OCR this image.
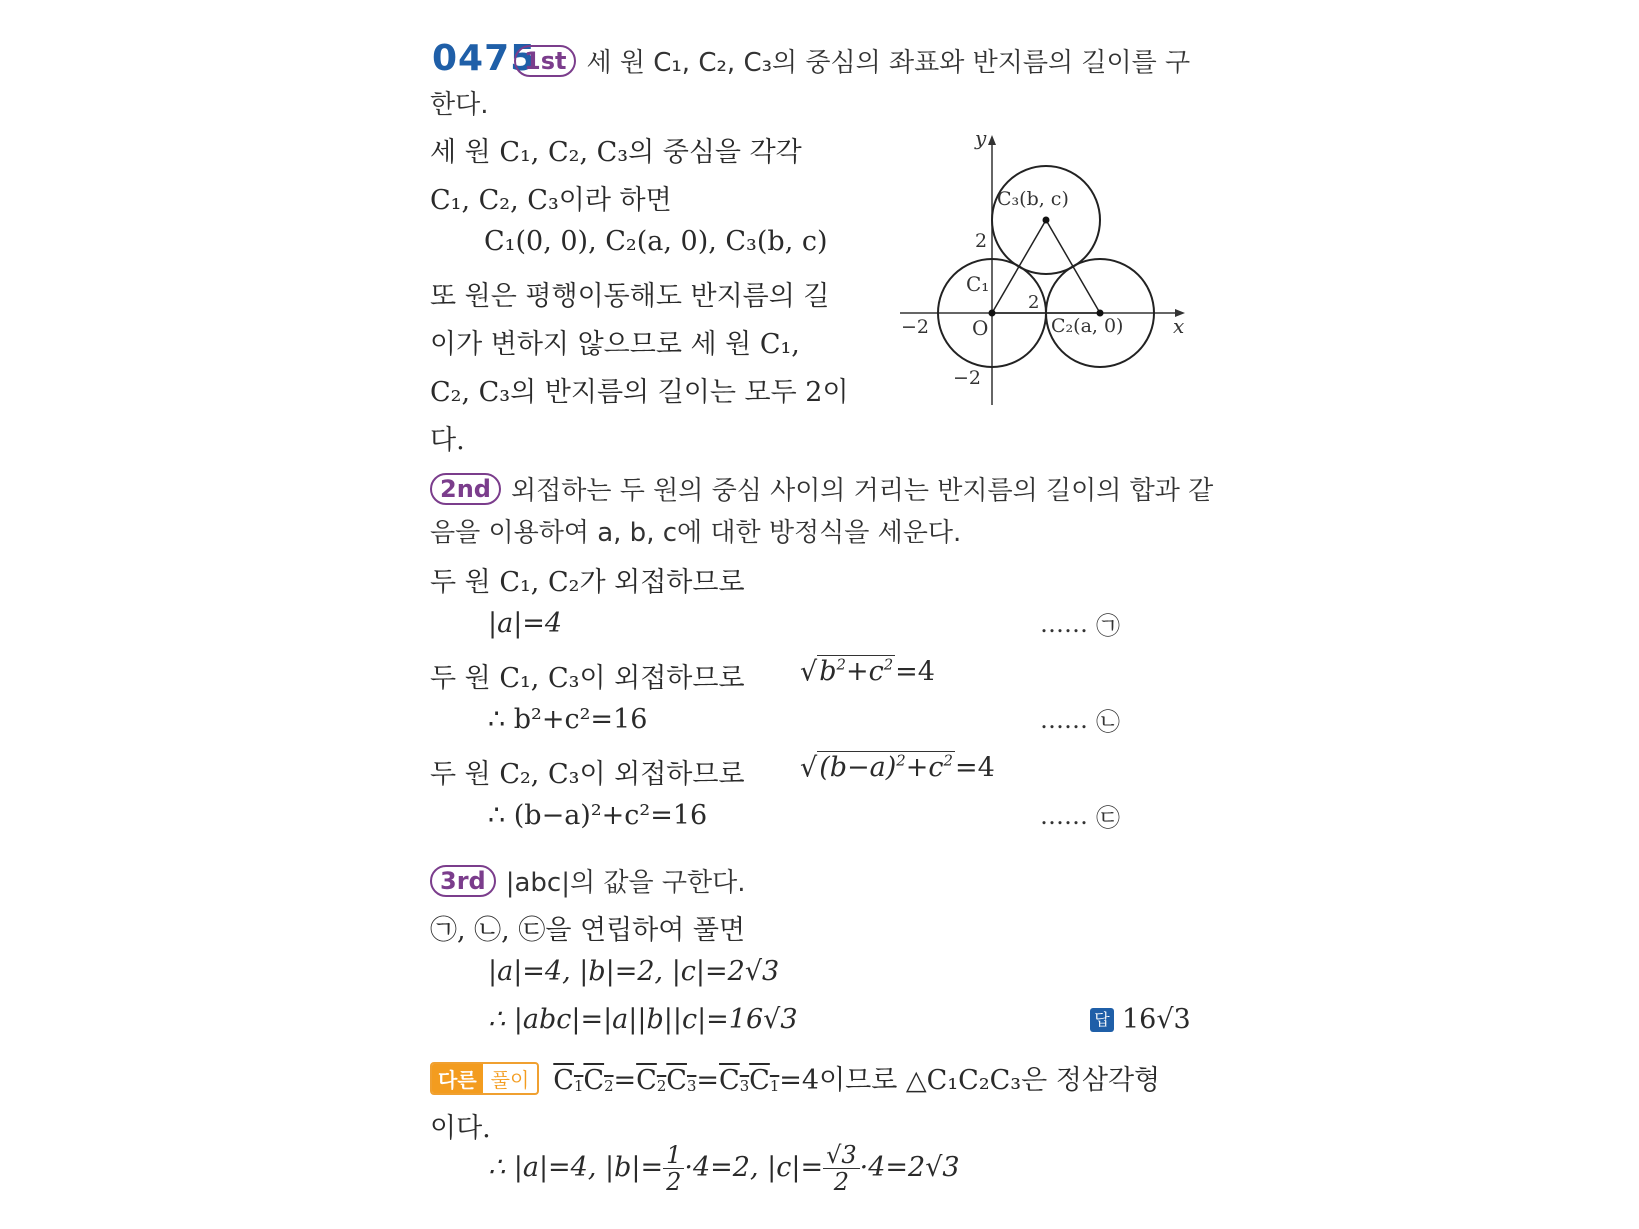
0475
1st 세 원 C₁, C₂, C₃의 중심의 좌표와 반지름의 길이를 구
한다.
세 원 C₁, C₂, C₃의 중심을 각각
C₁, C₂, C₃이라 하면
C₁(0, 0), C₂(a, 0), C₃(b, c)
또 원은 평행이동해도 반지름의 길
이가 변하지 않으므로 세 원 C₁,
C₂, C₃의 반지름의 길이는 모두 2이
다.
y
x
O
C₁
C₂(a, 0)
C₃(b, c)
2
−2
−2
2
2nd 외접하는 두 원의 중심 사이의 거리는 반지름의 길이의 합과 같
음을 이용하여 a, b, c에 대한 방정식을 세운다.
두 원 C₁, C₂가 외접하므로
|a|=4	…… ㉠
두 원 C₁, C₃이 외접하므로 $√b^2+c^2=4$
∴ b²+c²=16	…… ㉡
두 원 C₂, C₃이 외접하므로 $√(b-a)^2+c^2=4$
∴ (b−a)²+c²=16	…… ㉢
3rd |abc|의 값을 구한다.
㉠, ㉡, ㉢을 연립하여 풀면
|a|=4, |b|=2, |c|=2√3
∴ |abc|=|a||b||c|=16√3	답 16√3
다른 풀이 $C_1C_2=C_2C_3=C_3C_1=4$이므로 △C₁C₂C₃은 정삼각형
이다.
∴ |a|=4, $|b|= \frac{1}{2} \cdot 4=2$, $|c|= \frac{√3}{2} \cdot 4=2√3$
